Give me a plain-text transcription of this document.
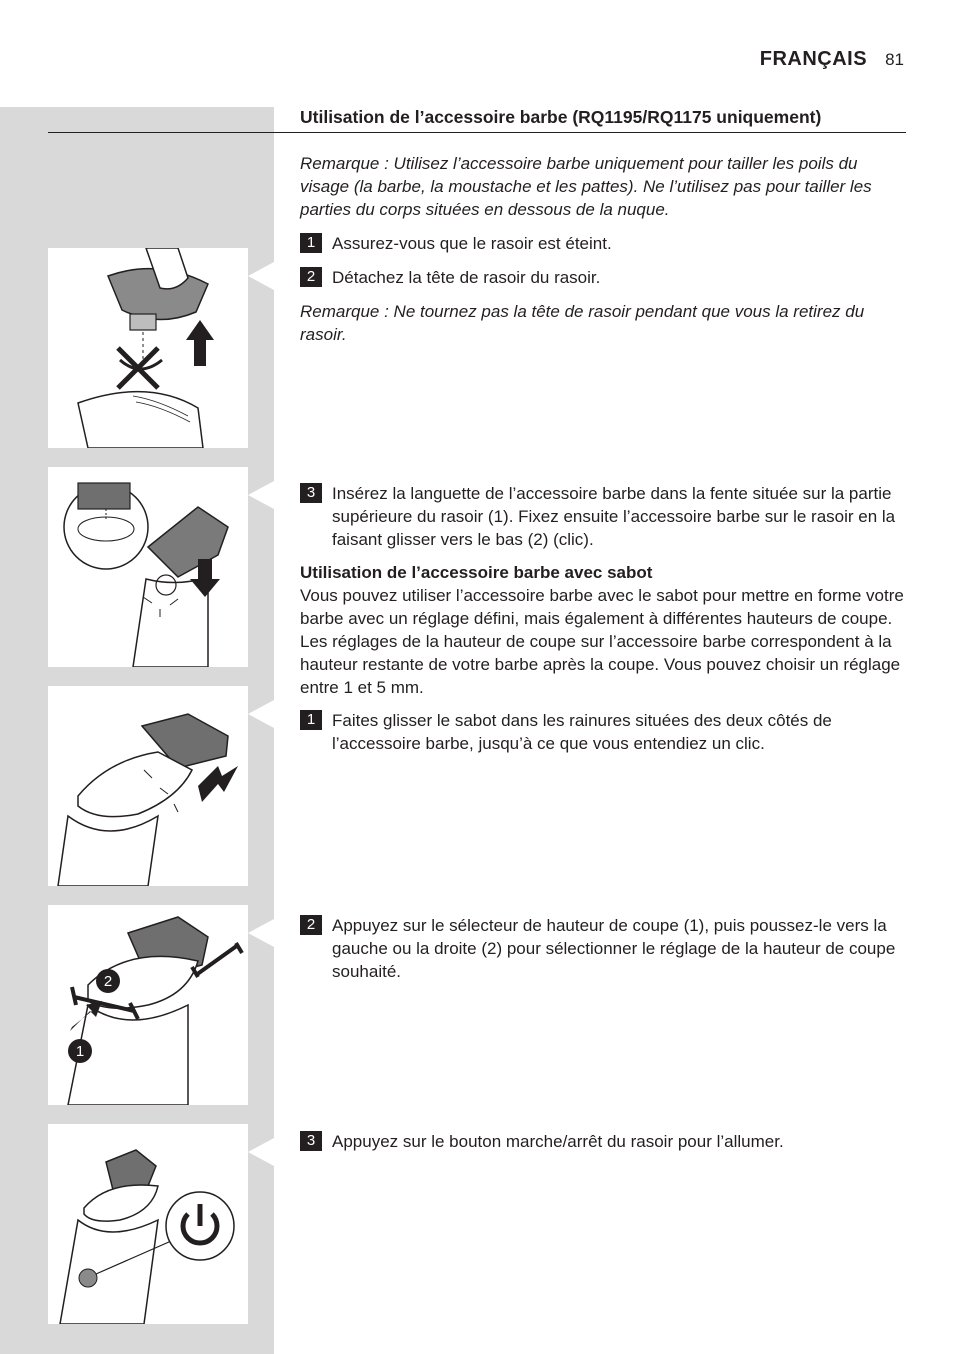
FRANÇAIS 81
Utilisation de l’accessoire barbe (RQ1195/RQ1175 uniquement)
Remarque : Utilisez l’accessoire barbe uniquement pour tailler les poils du visage (la barbe, la moustache et les pattes). Ne l’utilisez pas pour tailler les parties du corps situées en dessous de la nuque.
1 Assurez-vous que le rasoir est éteint.
2 Détachez la tête de rasoir du rasoir.
Remarque : Ne tournez pas la tête de rasoir pendant que vous la retirez du rasoir.
3 Insérez la languette de l’accessoire barbe dans la fente située sur la partie supérieure du rasoir (1). Fixez ensuite l’accessoire barbe sur le rasoir en la faisant glisser vers le bas (2) (clic).
Utilisation de l’accessoire barbe avec sabot
Vous pouvez utiliser l’accessoire barbe avec le sabot pour mettre en forme votre barbe avec un réglage défini, mais également à différentes hauteurs de coupe. Les réglages de la hauteur de coupe sur l’accessoire barbe correspondent à la hauteur restante de votre barbe après la coupe. Vous pouvez choisir un réglage entre 1 et 5 mm.
1 Faites glisser le sabot dans les rainures situées des deux côtés de l’accessoire barbe, jusqu’à ce que vous entendiez un clic.
2 Appuyez sur le sélecteur de hauteur de coupe (1), puis poussez-le vers la gauche ou la droite (2) pour sélectionner le réglage de la hauteur de coupe souhaité.
3 Appuyez sur le bouton marche/arrêt du rasoir pour l’allumer.
2
1
